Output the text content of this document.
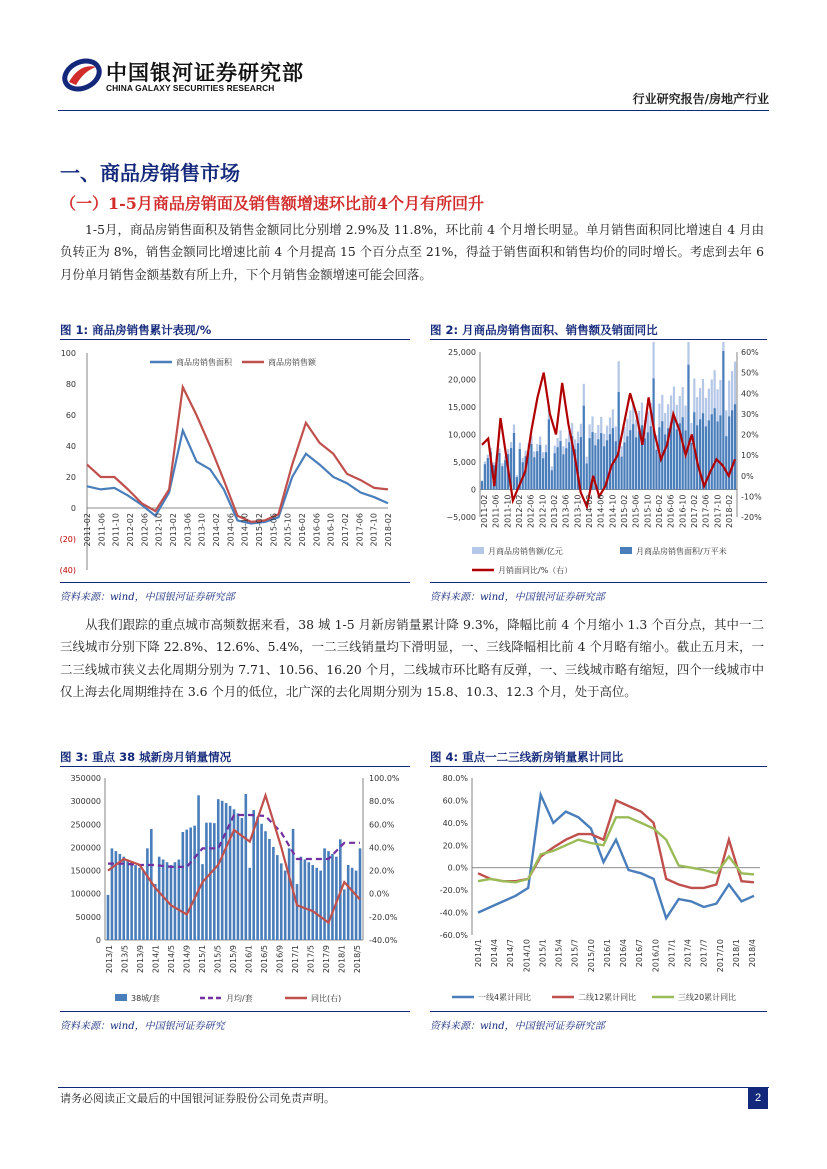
中国银河证券研究部
CHINA GALAXY SECURITIES RESEARCH
行业研究报告/房地产行业
一、商品房销售市场
（一）1-5月商品房销面及销售额增速环比前4个月有所回升
1-5月，商品房销售面积及销售金额同比分别增 2.9%及 11.8%，环比前 4 个月增长明显。单月销售面积同比增速自 4 月由负转正为 8%，销售金额同比增速比前 4 个月提高 15 个百分点至 21%，得益于销售面积和销售均价的同时增长。考虑到去年 6 月份单月销售金额基数有所上升，下个月销售金额增速可能会回落。
图 1: 商品房销售累计表现/%
100
80
60
40
20
0
(20)
(40)
2011-02 2011-06 2011-10 2012-02 2012-06 2012-10 2013-02 2013-06 2013-10 2014-02 2014-06 2014-10 2015-02 2015-06 2015-10 2016-02 2016-06 2016-10 2017-02 2017-06 2017-10 2018-02
商品房销售面积	商品房销售额
资料来源：wind，中国银河证券研究部
图 2: 月商品房销售面积、销售额及销面同比
25,000
20,000
15,000
10,000
5,000
0
−5,000
60%
50%
40%
30%
20%
10%
0%
-10%
-20%
2011-02 2011-06 2011-10 2012-02 2012-06 2012-10 2013-02 2013-06 2013-10 2014-02 2014-06 2014-10 2015-02 2015-06 2015-10 2016-02 2016-06 2016-10 2017-02 2017-06 2017-10 2018-02
月商品房销售额/亿元	月商品房销售面积/万平米
月销面同比/%（右）
资料来源：wind，中国银河证券研究部
从我们跟踪的重点城市高频数据来看，38 城 1-5 月新房销量累计降 9.3%，降幅比前 4 个月缩小 1.3 个百分点，其中一二三线城市分别下降 22.8%、12.6%、5.4%，一二三线销量均下滑明显，一、三线降幅相比前 4 个月略有缩小。截止五月末，一二三线城市狭义去化周期分别为 7.71、10.56、16.20 个月，二线城市环比略有反弹，一、三线城市略有缩短，四个一线城市中仅上海去化周期维持在 3.6 个月的低位，北广深的去化周期分别为 15.8、10.3、12.3 个月，处于高位。
图 3: 重点 38 城新房月销量情况
350000
300000
250000
200000
150000
100000
50000
0
100.0%
80.0%
60.0%
40.0%
20.0%
0.0%
-20.0%
-40.0%
2013/1 2013/5 2013/9 2014/1 2014/5 2014/9 2015/1 2015/5 2015/9 2016/1 2016/5 2016/9 2017/1 2017/5 2017/9 2018/1 2018/5
38城/套	月均/套	同比(右)
资料来源：wind，中国银河证券研究
图 4: 重点一二三线新房销量累计同比
80.0%
60.0%
40.0%
20.0%
0.0%
-20.0%
-40.0%
-60.0%
2014/1 2014/4 2014/7 2014/10 2015/1 2015/4 2015/7 2015/10 2016/1 2016/4 2016/7 2016/10 2017/1 2017/4 2017/7 2017/10 2018/1 2018/4
一线4累计同比	二线12累计同比	三线20累计同比
资料来源：wind，中国银河证券研究部
请务必阅读正文最后的中国银河证券股份公司免责声明。	2
